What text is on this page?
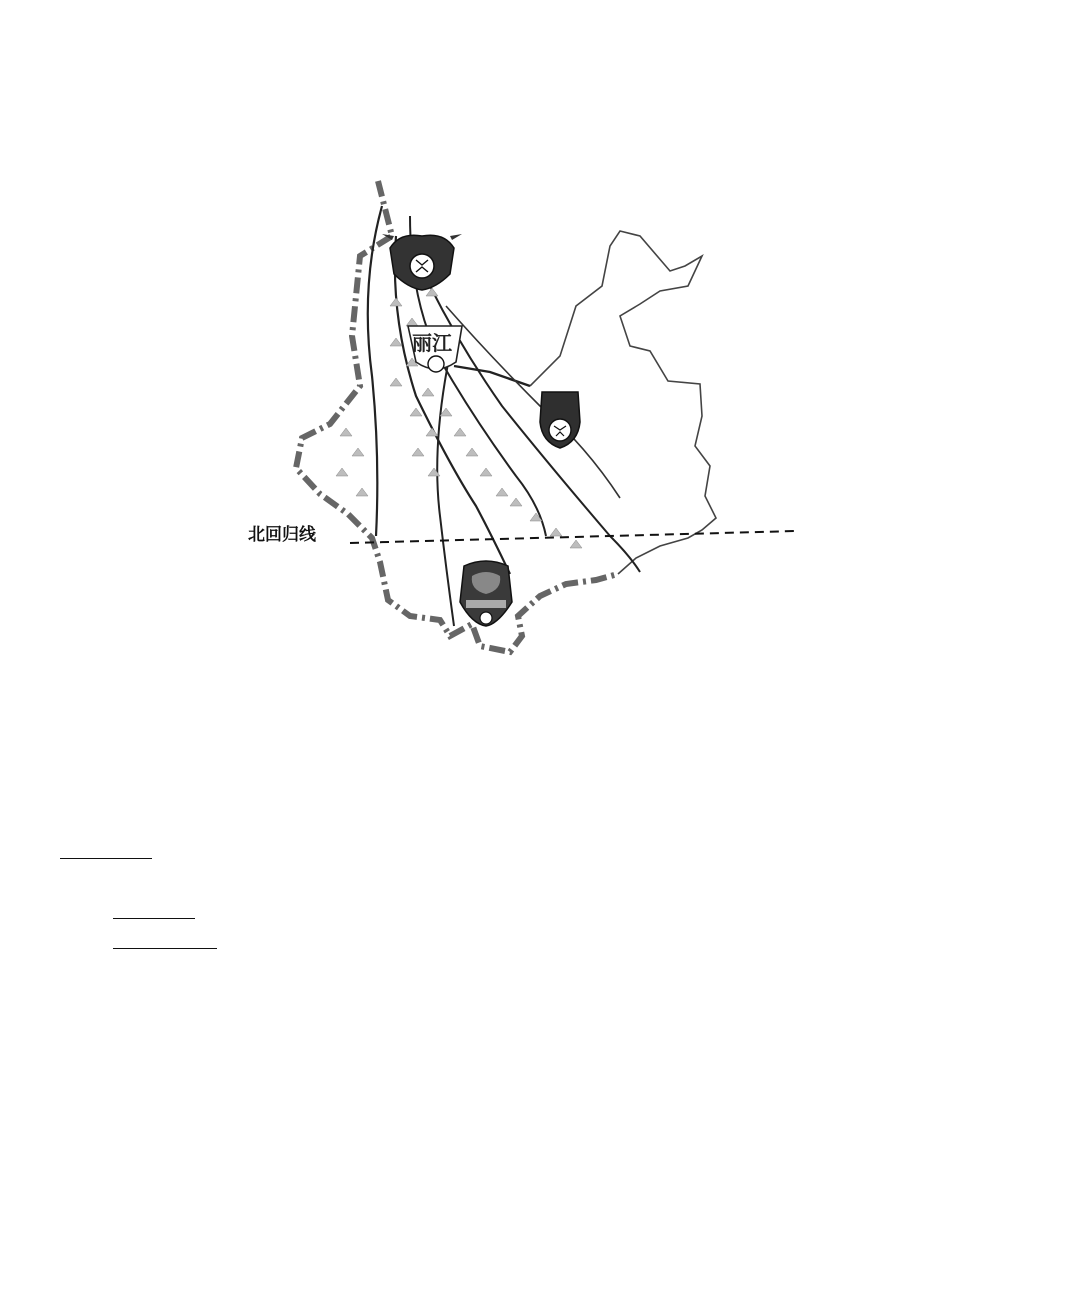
北回归线
丽江
